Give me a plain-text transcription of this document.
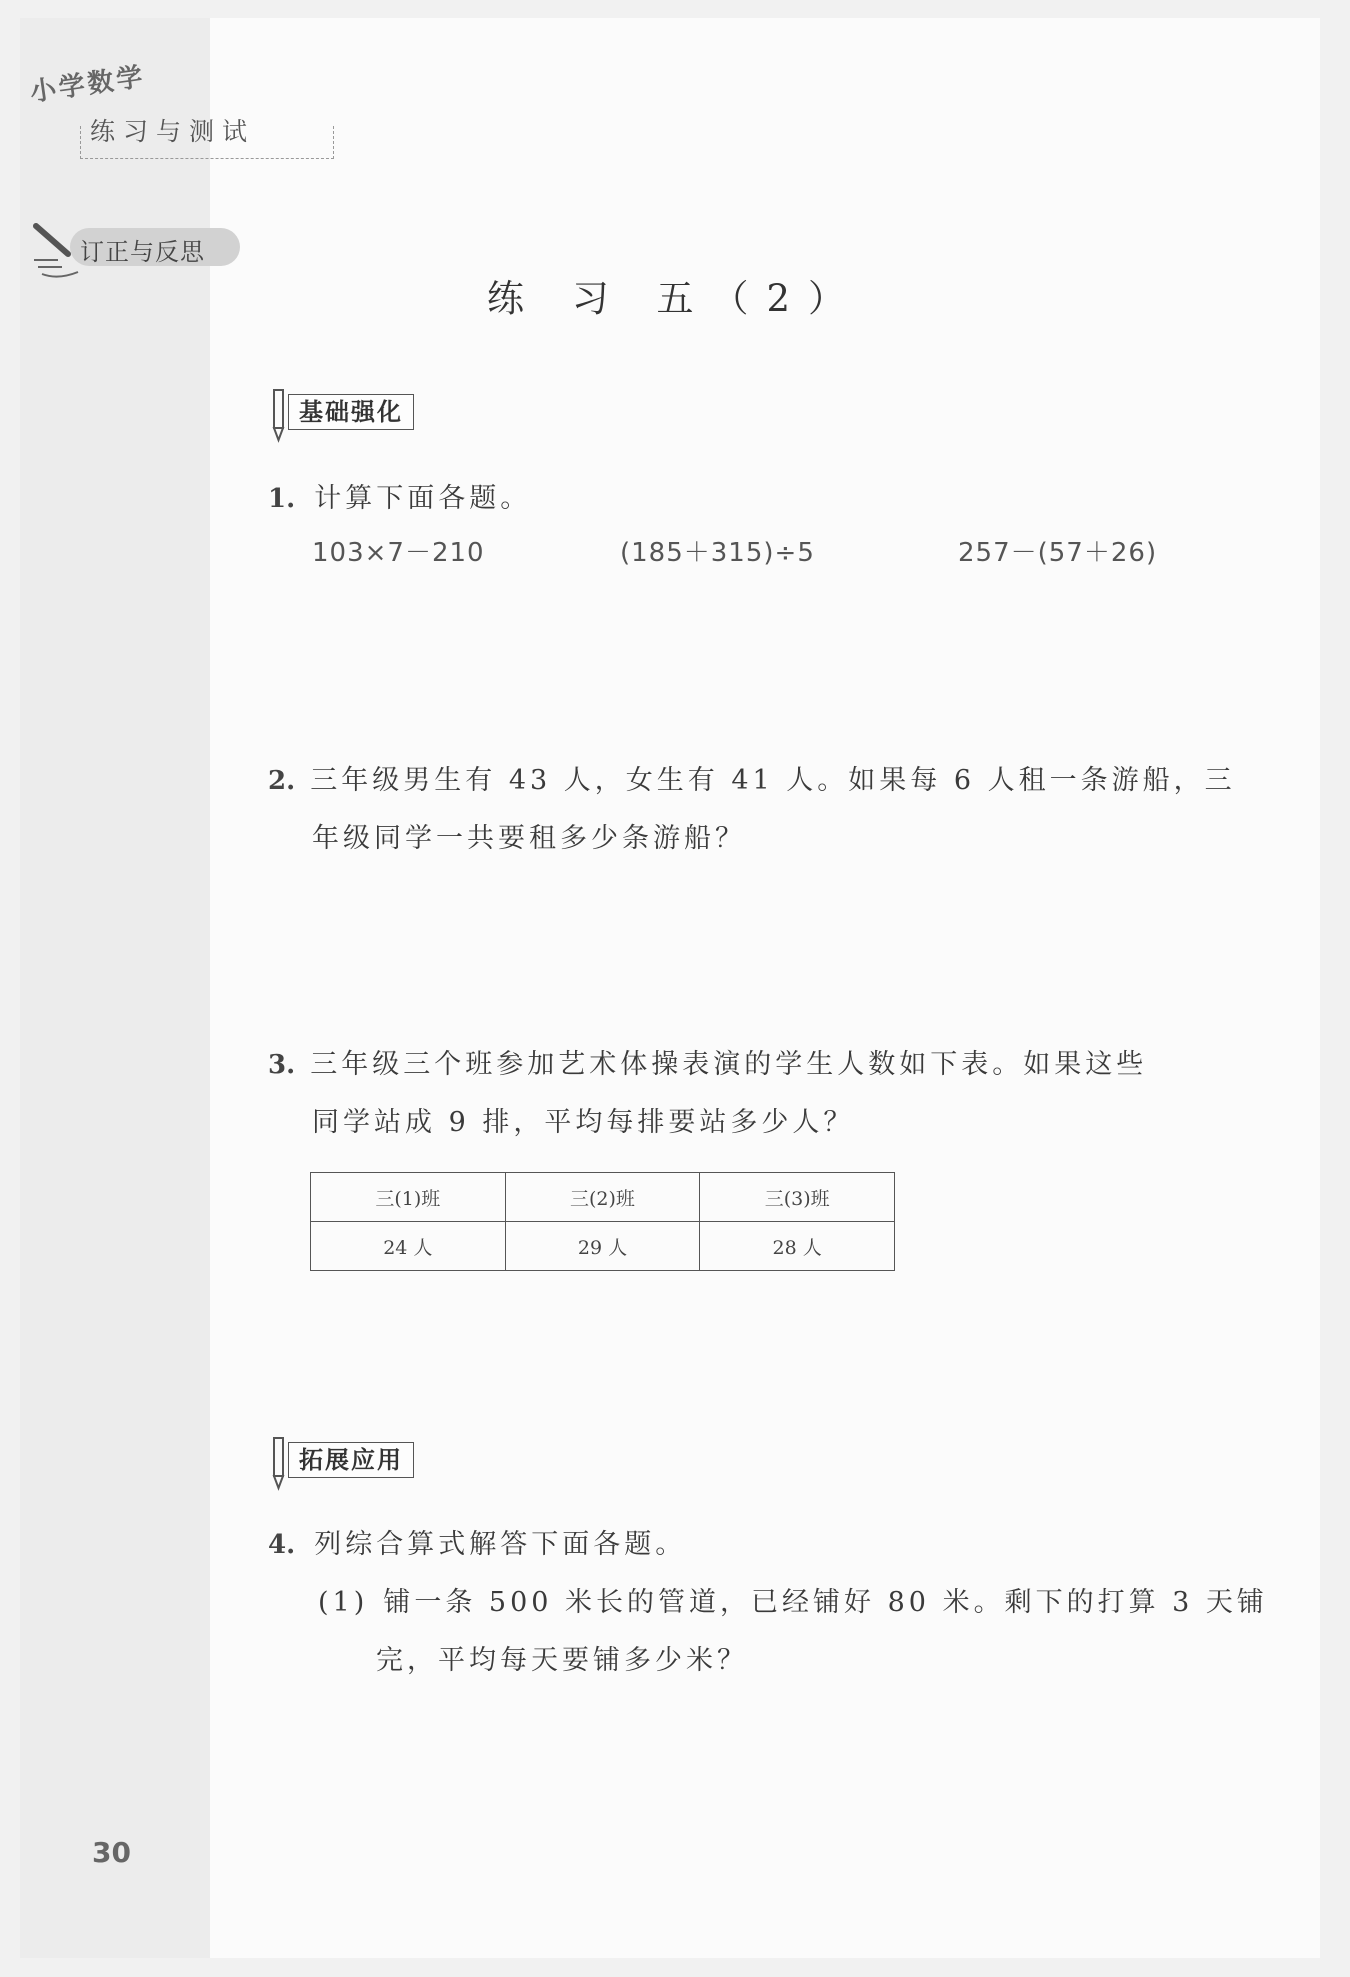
小学数学
练习与测试
订正与反思
练 习 五（2）
基础强化
1. 计算下面各题。
103×7－210	(185＋315)÷5	257－(57＋26)
2. 三年级男生有 43 人，女生有 41 人。如果每 6 人租一条游船，三
年级同学一共要租多少条游船？
3. 三年级三个班参加艺术体操表演的学生人数如下表。如果这些
同学站成 9 排，平均每排要站多少人？
三(1)班	三(2)班	三(3)班
24 人	29 人	28 人
拓展应用
4. 列综合算式解答下面各题。
(1) 铺一条 500 米长的管道，已经铺好 80 米。剩下的打算 3 天铺
完，平均每天要铺多少米？
30
